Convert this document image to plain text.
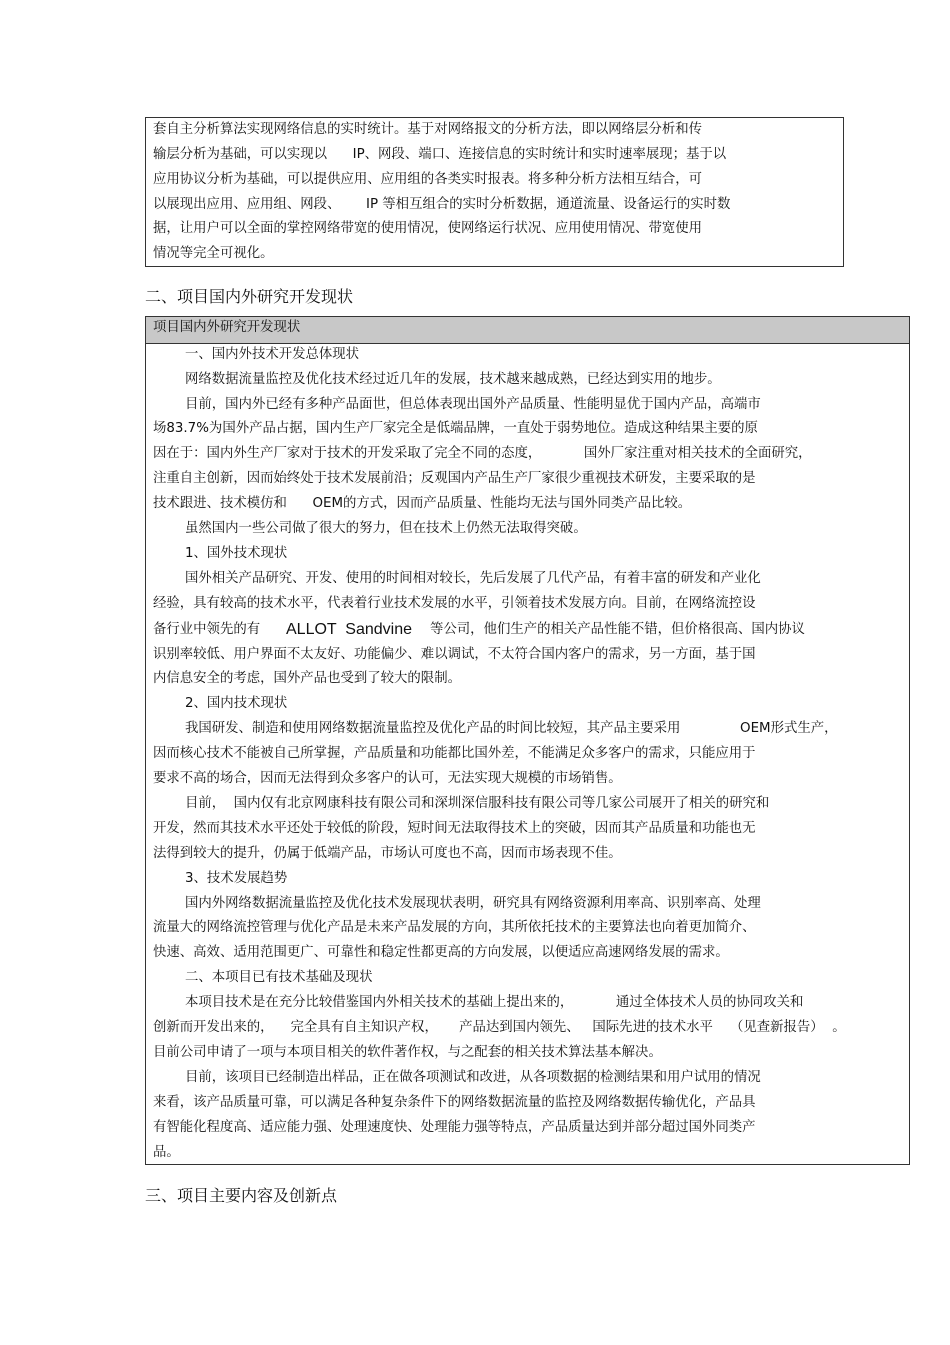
套自主分析算法实现网络信息的实时统计。基于对网络报文的分析方法，即以网络层分析和传
输层分析为基础，可以实现以      IP、网段、端口、连接信息的实时统计和实时速率展现；基于以
应用协议分析为基础，可以提供应用、应用组的各类实时报表。将多种分析方法相互结合，可
以展现出应用、应用组、网段、      IP 等相互组合的实时分析数据，通道流量、设备运行的实时数
据，让用户可以全面的掌控网络带宽的使用情况，使网络运行状况、应用使用情况、带宽使用
情况等完全可视化。
二、项目国内外研究开发现状
项目国内外研究开发现状
一、国内外技术开发总体现状
网络数据流量监控及优化技术经过近几年的发展，技术越来越成熟，已经达到实用的地步。
目前，国内外已经有多种产品面世，但总体表现出国外产品质量、性能明显优于国内产品，高端市
场83.7%为国外产品占据，国内生产厂家完全是低端品牌，一直处于弱势地位。造成这种结果主要的原
因在于：国内外生产厂家对于技术的开发采取了完全不同的态度，          国外厂家注重对相关技术的全面研究，
注重自主创新，因而始终处于技术发展前沿；反观国内产品生产厂家很少重视技术研发，主要采取的是
技术跟进、技术模仿和      OEM的方式，因而产品质量、性能均无法与国外同类产品比较。
虽然国内一些公司做了很大的努力，但在技术上仍然无法取得突破。
1、国外技术现状
国外相关产品研究、开发、使用的时间相对较长，先后发展了几代产品，有着丰富的研发和产业化
经验，具有较高的技术水平，代表着行业技术发展的水平，引领着技术发展方向。目前，在网络流控设
备行业中领先的有 ALLOT  Sandvine 等公司，他们生产的相关产品性能不错，但价格很高、国内协议
识别率较低、用户界面不太友好、功能偏少、难以调试，不太符合国内客户的需求，另一方面，基于国
内信息安全的考虑，国外产品也受到了较大的限制。
2、国内技术现状
我国研发、制造和使用网络数据流量监控及优化产品的时间比较短，其产品主要采用              OEM形式生产，
因而核心技术不能被自己所掌握，产品质量和功能都比国外差，不能满足众多客户的需求，只能应用于
要求不高的场合，因而无法得到众多客户的认可，无法实现大规模的市场销售。
目前，  国内仅有北京网康科技有限公司和深圳深信服科技有限公司等几家公司展开了相关的研究和
开发，然而其技术水平还处于较低的阶段，短时间无法取得技术上的突破，因而其产品质量和功能也无
法得到较大的提升，仍属于低端产品，市场认可度也不高，因而市场表现不佳。
3、技术发展趋势
国内外网络数据流量监控及优化技术发展现状表明，研究具有网络资源利用率高、识别率高、处理
流量大的网络流控管理与优化产品是未来产品发展的方向，其所依托技术的主要算法也向着更加简介、
快速、高效、适用范围更广、可靠性和稳定性都更高的方向发展，以便适应高速网络发展的需求。
二、本项目已有技术基础及现状
本项目技术是在充分比较借鉴国内外相关技术的基础上提出来的，          通过全体技术人员的协同攻关和
创新而开发出来的，    完全具有自主知识产权，     产品达到国内领先、   国际先进的技术水平    （见查新报告）  。
目前公司申请了一项与本项目相关的软件著作权，与之配套的相关技术算法基本解决。
目前，该项目已经制造出样品，正在做各项测试和改进，从各项数据的检测结果和用户试用的情况
来看，该产品质量可靠，可以满足各种复杂条件下的网络数据流量的监控及网络数据传输优化，产品具
有智能化程度高、适应能力强、处理速度快、处理能力强等特点，产品质量达到并部分超过国外同类产
品。
三、项目主要内容及创新点
